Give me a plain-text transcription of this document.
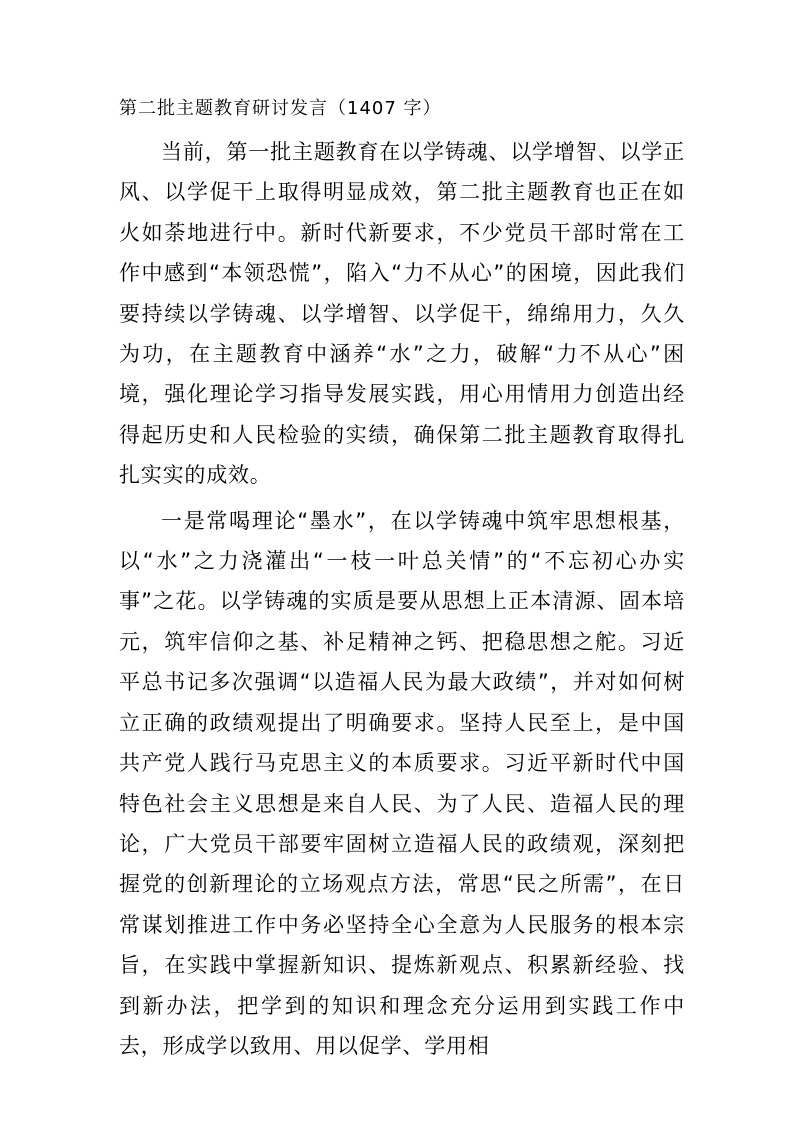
第二批主题教育研讨发言（1407 字）

当前，第一批主题教育在以学铸魂、以学增智、以学正风、以学促干上取得明显成效，第二批主题教育也正在如火如荼地进行中。新时代新要求，不少党员干部时常在工作中感到“本领恐慌”，陷入“力不从心”的困境，因此我们要持续以学铸魂、以学增智、以学促干，绵绵用力，久久为功，在主题教育中涵养“水”之力，破解“力不从心”困境，强化理论学习指导发展实践，用心用情用力创造出经得起历史和人民检验的实绩，确保第二批主题教育取得扎扎实实的成效。

一是常喝理论“墨水”，在以学铸魂中筑牢思想根基，以“水”之力浇灌出“一枝一叶总关情”的“不忘初心办实事”之花。以学铸魂的实质是要从思想上正本清源、固本培元，筑牢信仰之基、补足精神之钙、把稳思想之舵。习近平总书记多次强调“以造福人民为最大政绩”，并对如何树立正确的政绩观提出了明确要求。坚持人民至上，是中国共产党人践行马克思主义的本质要求。习近平新时代中国特色社会主义思想是来自人民、为了人民、造福人民的理论，广大党员干部要牢固树立造福人民的政绩观，深刻把握党的创新理论的立场观点方法，常思“民之所需”，在日常谋划推进工作中务必坚持全心全意为人民服务的根本宗旨，在实践中掌握新知识、提炼新观点、积累新经验、找到新办法，把学到的知识和理念充分运用到实践工作中去，形成学以致用、用以促学、学用相
